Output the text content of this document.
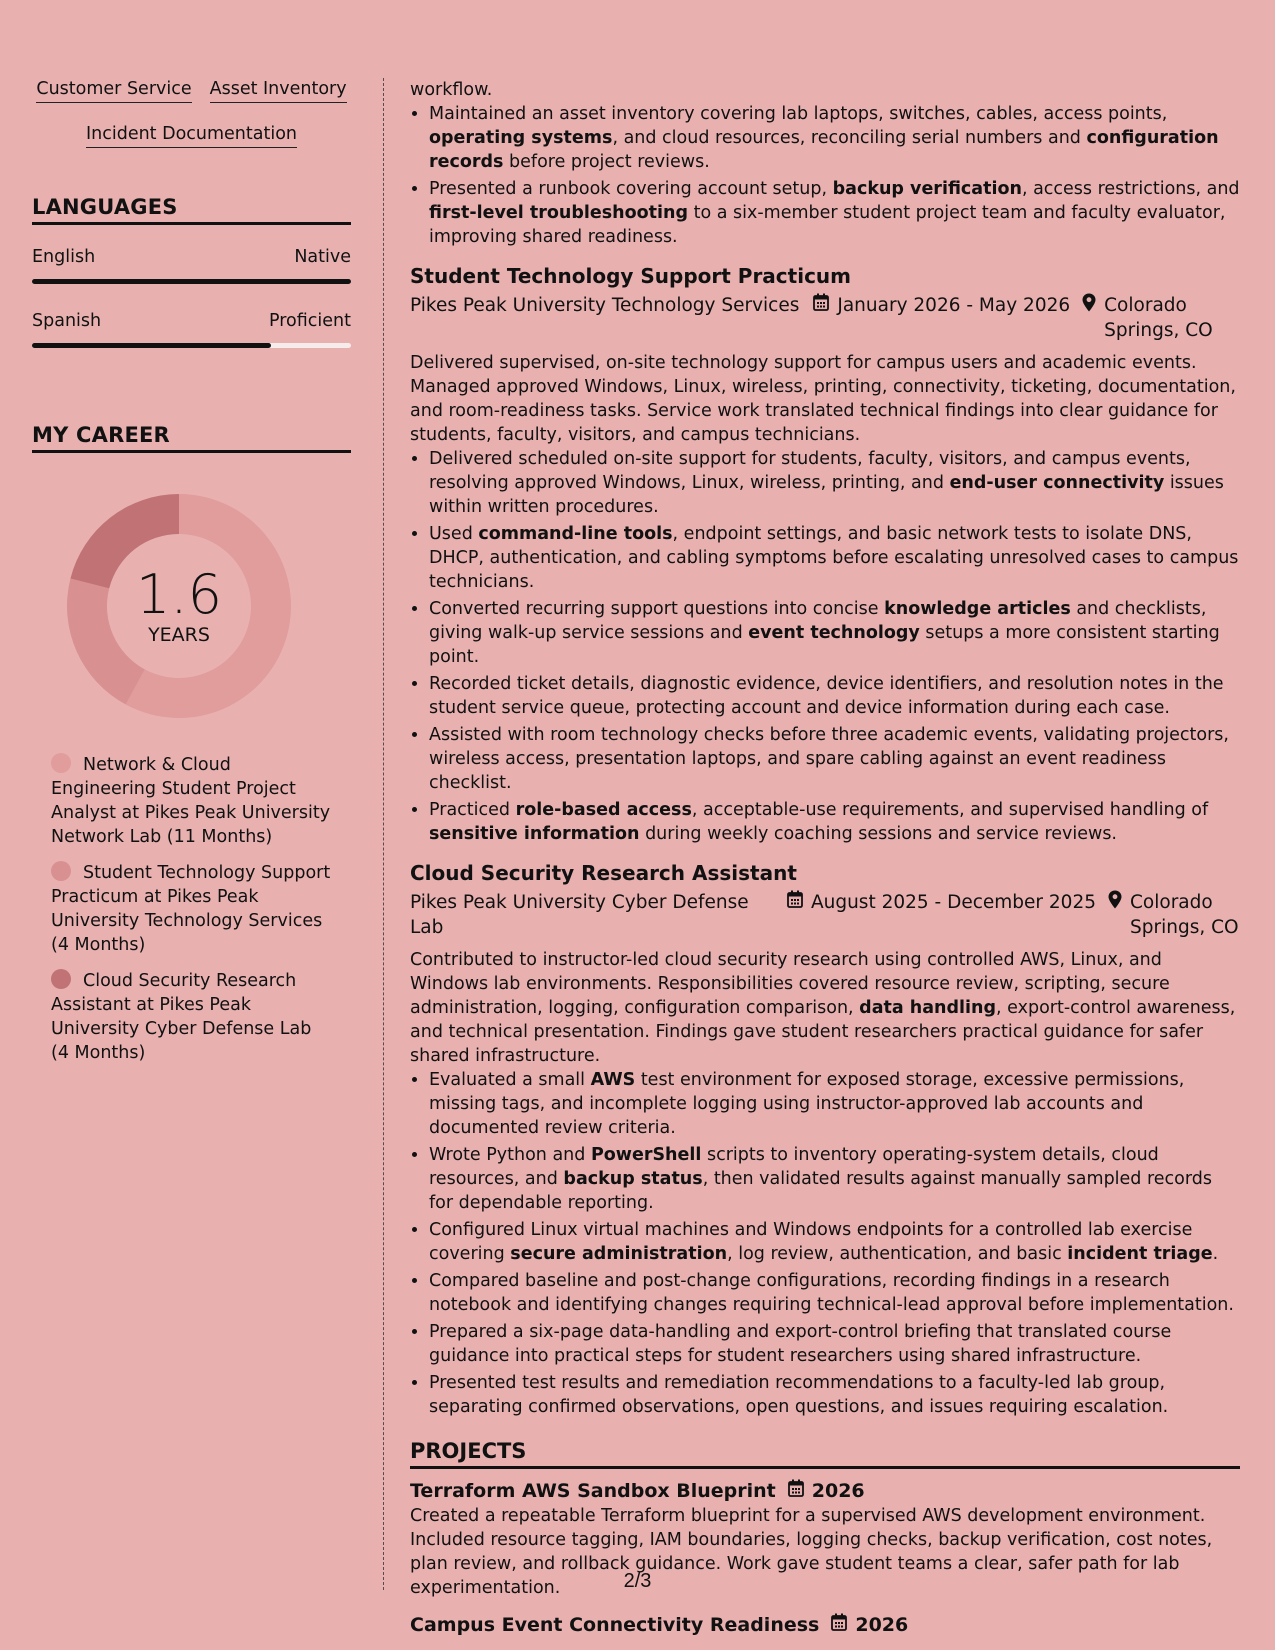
Customer Service Asset Inventory
Incident Documentation
LANGUAGES
English	Native
Spanish	Proficient
MY CAREER
1.6
YEARS
Network & Cloud Engineering Student Project Analyst at Pikes Peak University Network Lab (11 Months)
Student Technology Support Practicum at Pikes Peak University Technology Services (4 Months)
Cloud Security Research Assistant at Pikes Peak University Cyber Defense Lab (4 Months)
workflow.
• Maintained an asset inventory covering lab laptops, switches, cables, access points, operating systems, and cloud resources, reconciling serial numbers and configuration records before project reviews.
• Presented a runbook covering account setup, backup verification, access restrictions, and first-level troubleshooting to a six-member student project team and faculty evaluator, improving shared readiness.
Student Technology Support Practicum
Pikes Peak University Technology Services January 2026 - May 2026 Colorado Springs, CO
Delivered supervised, on-site technology support for campus users and academic events. Managed approved Windows, Linux, wireless, printing, connectivity, ticketing, documentation, and room-readiness tasks. Service work translated technical findings into clear guidance for students, faculty, visitors, and campus technicians.
• Delivered scheduled on-site support for students, faculty, visitors, and campus events, resolving approved Windows, Linux, wireless, printing, and end-user connectivity issues within written procedures.
• Used command-line tools, endpoint settings, and basic network tests to isolate DNS, DHCP, authentication, and cabling symptoms before escalating unresolved cases to campus technicians.
• Converted recurring support questions into concise knowledge articles and checklists, giving walk-up service sessions and event technology setups a more consistent starting point.
• Recorded ticket details, diagnostic evidence, device identifiers, and resolution notes in the student service queue, protecting account and device information during each case.
• Assisted with room technology checks before three academic events, validating projectors, wireless access, presentation laptops, and spare cabling against an event readiness checklist.
• Practiced role-based access, acceptable-use requirements, and supervised handling of sensitive information during weekly coaching sessions and service reviews.
Cloud Security Research Assistant
Pikes Peak University Cyber Defense Lab
August 2025 - December 2025 Colorado Springs, CO
Contributed to instructor-led cloud security research using controlled AWS, Linux, and Windows lab environments. Responsibilities covered resource review, scripting, secure administration, logging, configuration comparison, data handling, export-control awareness, and technical presentation. Findings gave student researchers practical guidance for safer shared infrastructure.
• Evaluated a small AWS test environment for exposed storage, excessive permissions, missing tags, and incomplete logging using instructor-approved lab accounts and documented review criteria.
• Wrote Python and PowerShell scripts to inventory operating-system details, cloud resources, and backup status, then validated results against manually sampled records for dependable reporting.
• Configured Linux virtual machines and Windows endpoints for a controlled lab exercise covering secure administration, log review, authentication, and basic incident triage.
• Compared baseline and post-change configurations, recording findings in a research notebook and identifying changes requiring technical-lead approval before implementation.
• Prepared a six-page data-handling and export-control briefing that translated course guidance into practical steps for student researchers using shared infrastructure.
• Presented test results and remediation recommendations to a faculty-led lab group, separating confirmed observations, open questions, and issues requiring escalation.
PROJECTS
Terraform AWS Sandbox Blueprint 2026
Created a repeatable Terraform blueprint for a supervised AWS development environment. Included resource tagging, IAM boundaries, logging checks, backup verification, cost notes, plan review, and rollback guidance. Work gave student teams a clear, safer path for lab experimentation.
Campus Event Connectivity Readiness 2026
2/3
